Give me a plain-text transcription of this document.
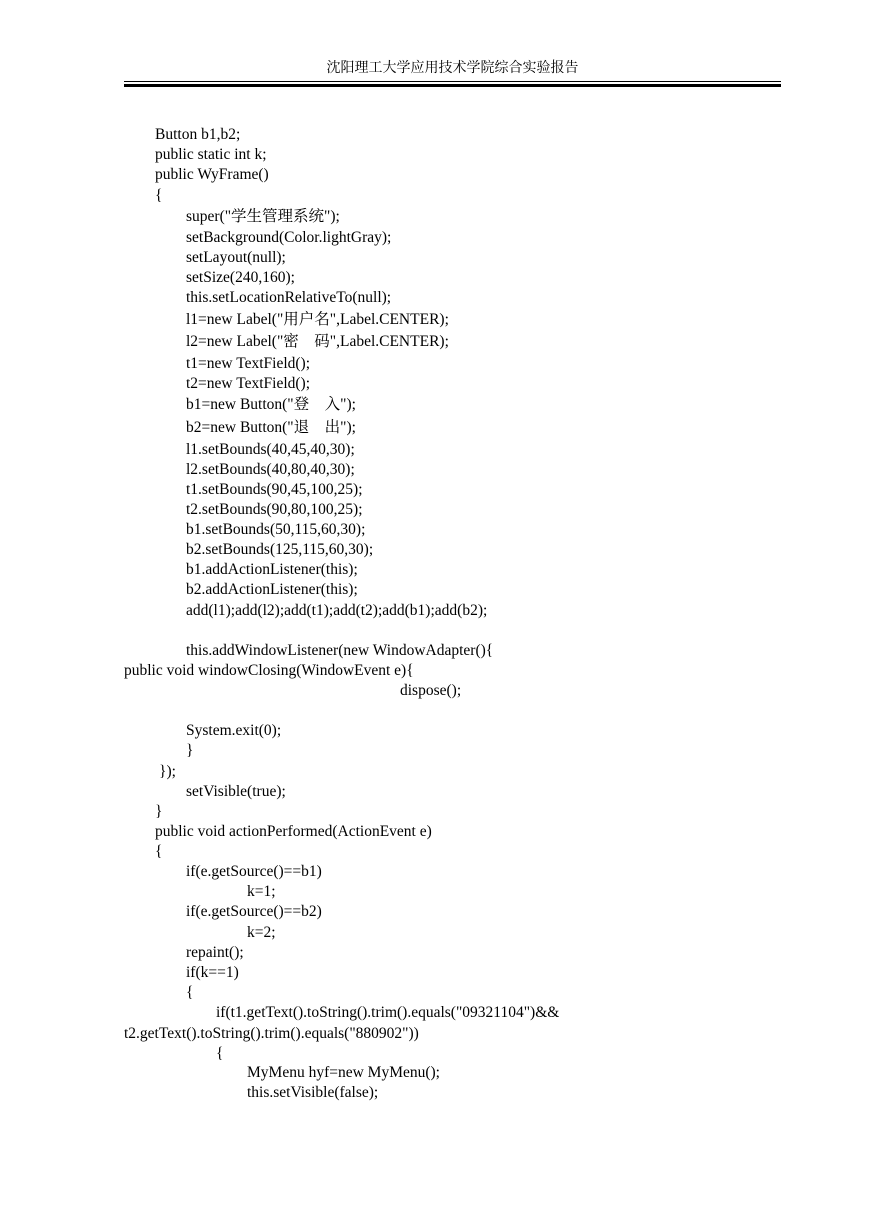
沈阳理工大学应用技术学院综合实验报告
Button b1,b2;
public static int k;
public WyFrame()
{
super("学生管理系统");
setBackground(Color.lightGray);
setLayout(null);
setSize(240,160);
this.setLocationRelativeTo(null);
l1=new Label("用户名",Label.CENTER);
l2=new Label("密　码",Label.CENTER);
t1=new TextField();
t2=new TextField();
b1=new Button("登　入");
b2=new Button("退　出");
l1.setBounds(40,45,40,30);
l2.setBounds(40,80,40,30);
t1.setBounds(90,45,100,25);
t2.setBounds(90,80,100,25);
b1.setBounds(50,115,60,30);
b2.setBounds(125,115,60,30);
b1.addActionListener(this);
b2.addActionListener(this);
add(l1);add(l2);add(t1);add(t2);add(b1);add(b2);
this.addWindowListener(new WindowAdapter(){
public void windowClosing(WindowEvent e){
dispose();
System.exit(0);
}
});
setVisible(true);
}
public void actionPerformed(ActionEvent e)
{
if(e.getSource()==b1)
k=1;
if(e.getSource()==b2)
k=2;
repaint();
if(k==1)
{
if(t1.getText().toString().trim().equals("09321104")&&
t2.getText().toString().trim().equals("880902"))
{
MyMenu hyf=new MyMenu();
this.setVisible(false);
